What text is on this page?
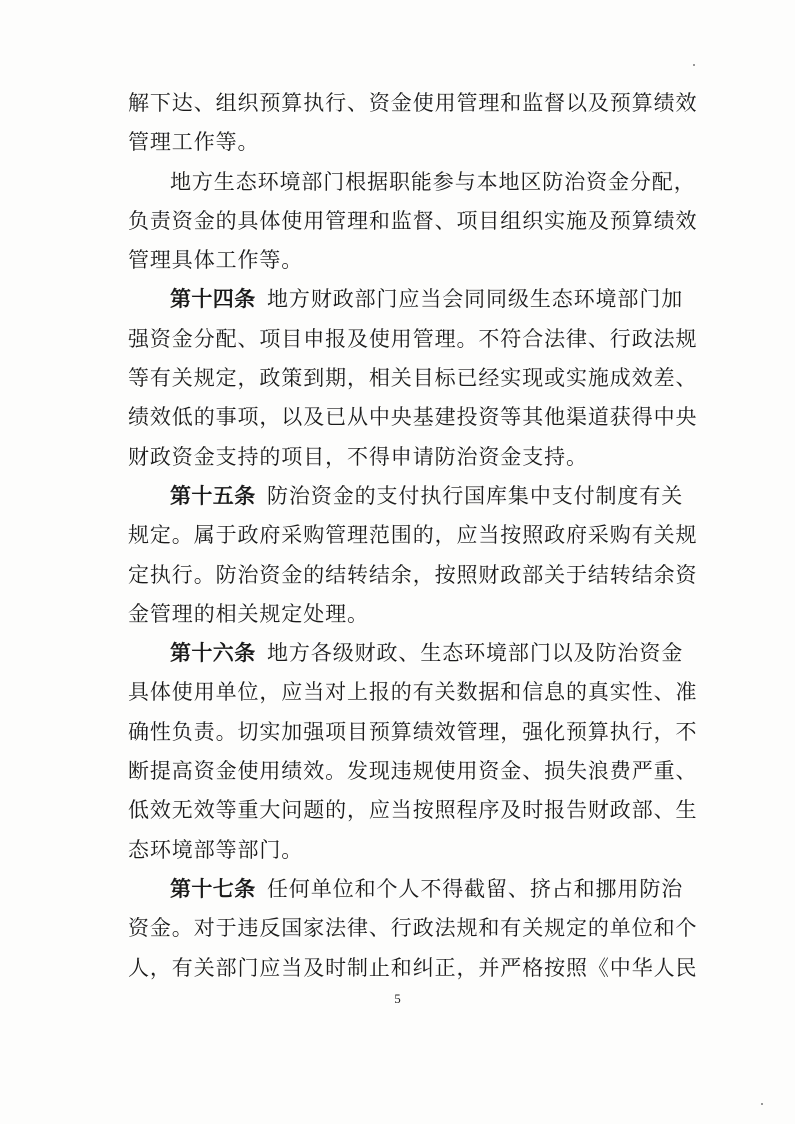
解下达、组织预算执行、资金使用管理和监督以及预算绩效
管理工作等。
地方生态环境部门根据职能参与本地区防治资金分配，
负责资金的具体使用管理和监督、项目组织实施及预算绩效
管理具体工作等。
第十四条  地方财政部门应当会同同级生态环境部门加
强资金分配、项目申报及使用管理。不符合法律、行政法规
等有关规定，政策到期，相关目标已经实现或实施成效差、
绩效低的事项，以及已从中央基建投资等其他渠道获得中央
财政资金支持的项目，不得申请防治资金支持。
第十五条  防治资金的支付执行国库集中支付制度有关
规定。属于政府采购管理范围的，应当按照政府采购有关规
定执行。防治资金的结转结余，按照财政部关于结转结余资
金管理的相关规定处理。
第十六条  地方各级财政、生态环境部门以及防治资金
具体使用单位，应当对上报的有关数据和信息的真实性、准
确性负责。切实加强项目预算绩效管理，强化预算执行，不
断提高资金使用绩效。发现违规使用资金、损失浪费严重、
低效无效等重大问题的，应当按照程序及时报告财政部、生
态环境部等部门。
第十七条  任何单位和个人不得截留、挤占和挪用防治
资金。对于违反国家法律、行政法规和有关规定的单位和个
人，有关部门应当及时制止和纠正，并严格按照《中华人民
5
